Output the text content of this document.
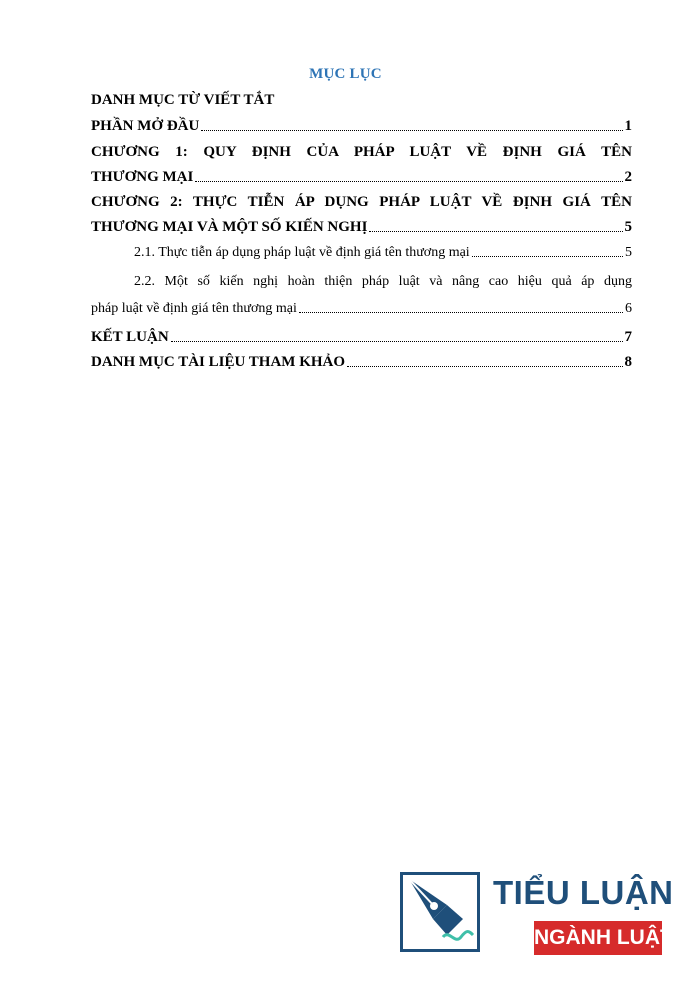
MỤC LỤC
DANH MỤC TỪ VIẾT TẮT
PHẦN MỞ ĐẦU	1
CHƯƠNG 1: QUY ĐỊNH CỦA PHÁP LUẬT VỀ ĐỊNH GIÁ TÊN
THƯƠNG MẠI	2
CHƯƠNG 2: THỰC TIỄN ÁP DỤNG PHÁP LUẬT VỀ ĐỊNH GIÁ TÊN
THƯƠNG MẠI VÀ MỘT SỐ KIẾN NGHỊ	5
2.1. Thực tiễn áp dụng pháp luật về định giá tên thương mại	5
2.2. Một số kiến nghị hoàn thiện pháp luật và nâng cao hiệu quả áp dụng
pháp luật về định giá tên thương mại	6
KẾT LUẬN	7
DANH MỤC TÀI LIỆU THAM KHẢO	8
TIỂU LUẬN
NGÀNH LUẬT
